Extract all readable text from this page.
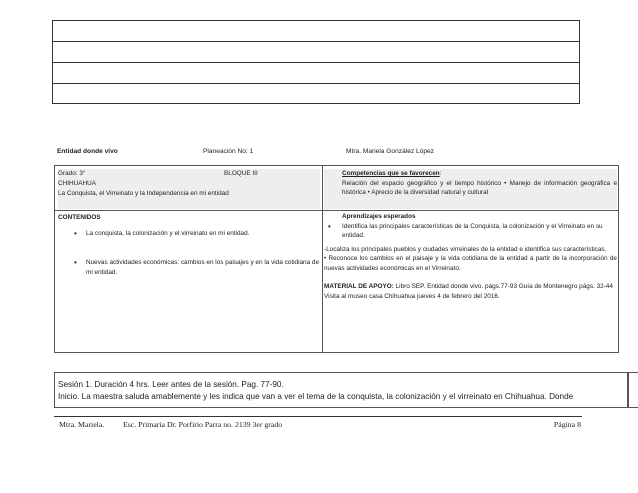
Entidad donde vivo	Planeación No: 1	Mtra. Mariela González López
Grado: 3°	BLOQUE III
CHIHUAHUA
La Conquista, el Virreinato y la Independencia en mi entidad
Competencias que se favorecen:
Relación del espacio geográfico y el tiempo histórico • Manejo de información geográfica e histórica • Aprecio de la diversidad natural y cultural
CONTENIDOS
• La conquista, la colonización y el virreinato en mi entidad.
• Nuevas actividades económicas: cambios en los paisajes y en la vida cotidiana de mi entidad.
Aprendizajes esperados
• Identifica las principales características de la Conquista, la colonización y el Virreinato en su entidad.
-Localiza los principales pueblos y ciudades virreinales de la entidad e identifica sus características.
• Reconoce los cambios en el paisaje y la vida cotidiana de la entidad a partir de la incorporación de nuevas actividades económicas en el Virreinato.
MATERIAL DE APOYO: Libro SEP. Entidad donde vivo. págs.77-93 Guía de Montenegro págs. 32-44
Visita al museo casa Chihuahua jueves 4 de febrero del 2016.
Sesión 1. Duración 4 hrs. Leer antes de la sesión. Pag. 77-90.
Inicio. La maestra saluda amablemente y les indica que van a ver el tema de la conquista, la colonización y el virreinato en Chihuahua. Donde
Mtra. Mariela. Esc. Primaria Dr. Porfirio Parra no. 2139 3er grado	Página 8
